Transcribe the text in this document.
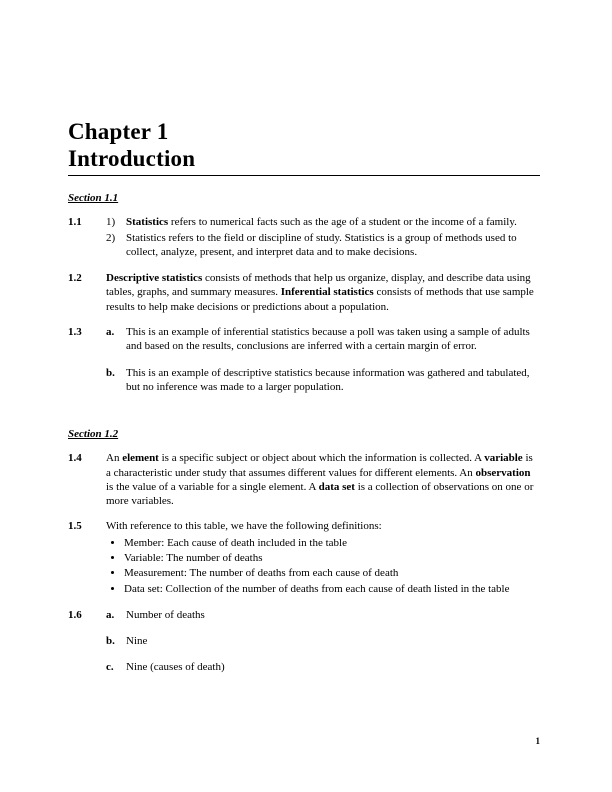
Chapter 1
Introduction
Section 1.1
1.1	1) Statistics refers to numerical facts such as the age of a student or the income of a family.
2) Statistics refers to the field or discipline of study. Statistics is a group of methods used to collect, analyze, present, and interpret data and to make decisions.
1.2	Descriptive statistics consists of methods that help us organize, display, and describe data using tables, graphs, and summary measures. Inferential statistics consists of methods that use sample results to help make decisions or predictions about a population.
1.3	a.	This is an example of inferential statistics because a poll was taken using a sample of adults and based on the results, conclusions are inferred with a certain margin of error.
b.	This is an example of descriptive statistics because information was gathered and tabulated, but no inference was made to a larger population.
Section 1.2
1.4	An element is a specific subject or object about which the information is collected. A variable is a characteristic under study that assumes different values for different elements. An observation is the value of a variable for a single element. A data set is a collection of observations on one or more variables.
1.5	With reference to this table, we have the following definitions:
• Member: Each cause of death included in the table
• Variable: The number of deaths
• Measurement: The number of deaths from each cause of death
• Data set: Collection of the number of deaths from each cause of death listed in the table
1.6	a.	Number of deaths
b.	Nine
c.	Nine (causes of death)
1
